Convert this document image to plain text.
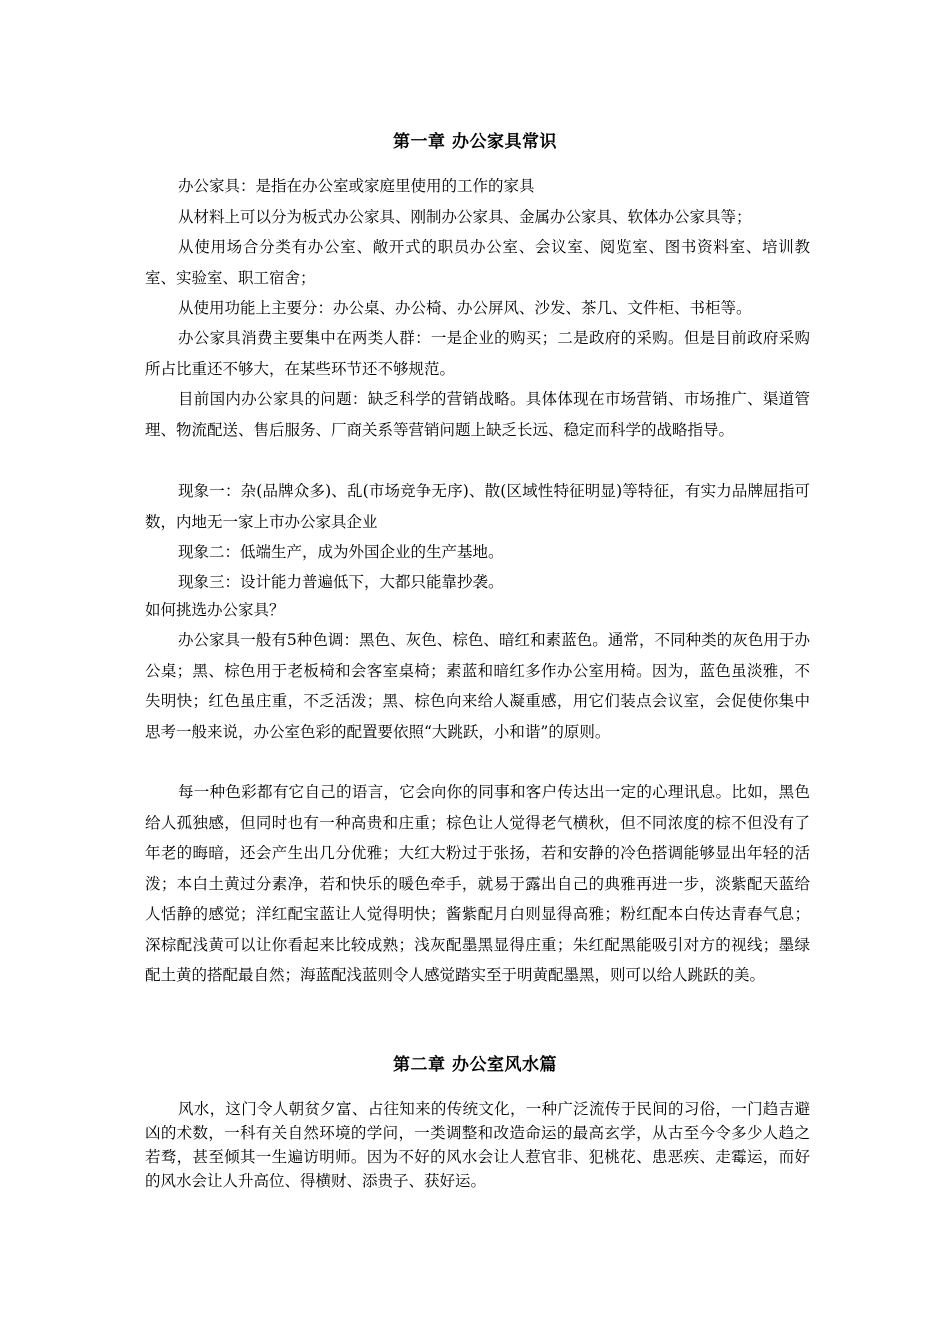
第一章 办公家具常识

办公家具：是指在办公室或家庭里使用的工作的家具

从材料上可以分为板式办公家具、刚制办公家具、金属办公家具、软体办公家具等；

从使用场合分类有办公室、敞开式的职员办公室、会议室、阅览室、图书资料室、培训教室、实验室、职工宿舍；

从使用功能上主要分：办公桌、办公椅、办公屏风、沙发、茶几、文件柜、书柜等。

办公家具消费主要集中在两类人群：一是企业的购买；二是政府的采购。但是目前政府采购所占比重还不够大，在某些环节还不够规范。

目前国内办公家具的问题：缺乏科学的营销战略。具体体现在市场营销、市场推广、渠道管理、物流配送、售后服务、厂商关系等营销问题上缺乏长远、稳定而科学的战略指导。

现象一：杂(品牌众多)、乱(市场竞争无序)、散(区域性特征明显)等特征，有实力品牌屈指可数，内地无一家上市办公家具企业

现象二：低端生产，成为外国企业的生产基地。

现象三：设计能力普遍低下，大都只能靠抄袭。

如何挑选办公家具？

办公家具一般有5种色调：黑色、灰色、棕色、暗红和素蓝色。通常，不同种类的灰色用于办公桌；黑、棕色用于老板椅和会客室桌椅；素蓝和暗红多作办公室用椅。因为，蓝色虽淡雅，不失明快；红色虽庄重，不乏活泼；黑、棕色向来给人凝重感，用它们装点会议室，会促使你集中思考一般来说，办公室色彩的配置要依照“大跳跃，小和谐”的原则。

每一种色彩都有它自己的语言，它会向你的同事和客户传达出一定的心理讯息。比如，黑色给人孤独感，但同时也有一种高贵和庄重；棕色让人觉得老气横秋，但不同浓度的棕不但没有了年老的晦暗，还会产生出几分优雅；大红大粉过于张扬，若和安静的冷色搭调能够显出年轻的活泼；本白土黄过分素净，若和快乐的暖色牵手，就易于露出自己的典雅再进一步，淡紫配天蓝给人恬静的感觉；洋红配宝蓝让人觉得明快；酱紫配月白则显得高雅；粉红配本白传达青春气息；深棕配浅黄可以让你看起来比较成熟；浅灰配墨黑显得庄重；朱红配黑能吸引对方的视线；墨绿配土黄的搭配最自然；海蓝配浅蓝则令人感觉踏实至于明黄配墨黑，则可以给人跳跃的美。

第二章 办公室风水篇

风水，这门令人朝贫夕富、占往知来的传统文化，一种广泛流传于民间的习俗，一门趋吉避凶的术数，一科有关自然环境的学问，一类调整和改造命运的最高玄学，从古至今令多少人趋之若骛，甚至倾其一生遍访明师。因为不好的风水会让人惹官非、犯桃花、患恶疾、走霉运，而好的风水会让人升高位、得横财、添贵子、获好运。
